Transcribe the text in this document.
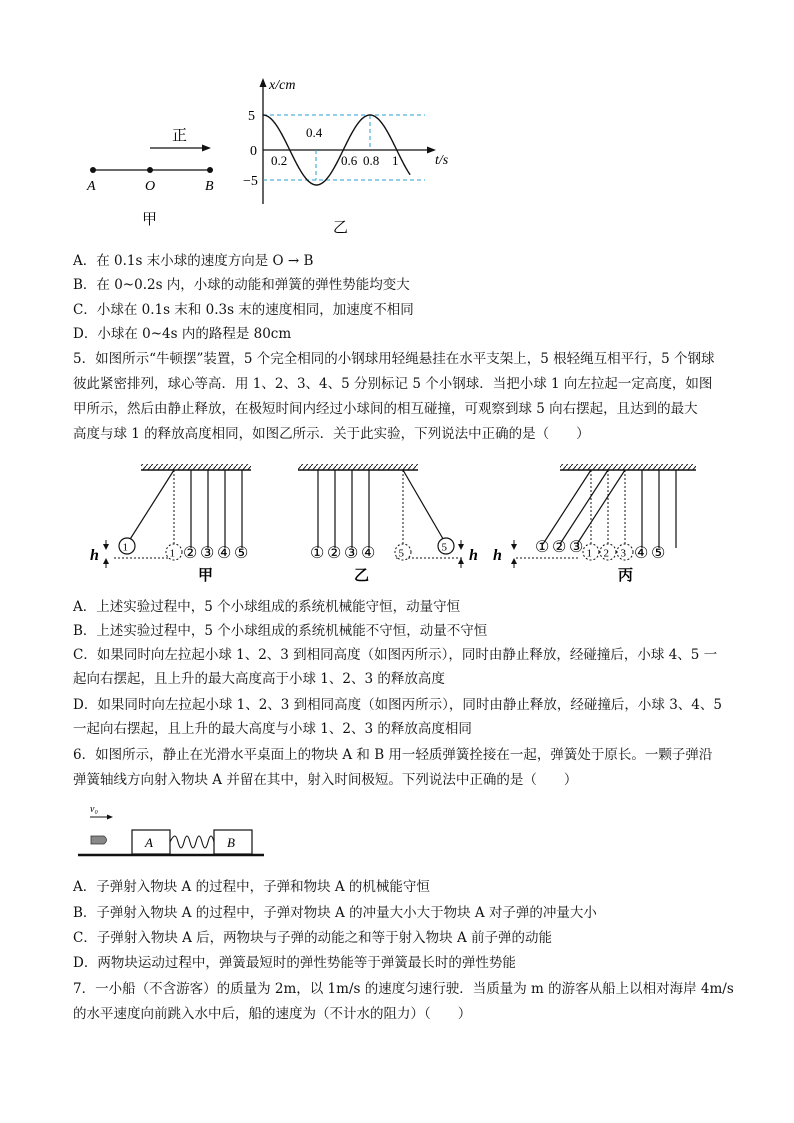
正
A	O	B
甲
x/cm
5
−5
0
0.2
0.4
0.6 0.8 1	t/s
乙
A．在 0.1s 末小球的速度方向是 O → B
B．在 0~0.2s 内，小球的动能和弹簧的弹性势能均变大
C．小球在 0.1s 末和 0.3s 末的速度相同，加速度不相同
D．小球在 0~4s 内的路程是 80cm
5．如图所示“牛顿摆”装置，5 个完全相同的小钢球用轻绳悬挂在水平支架上，5 根轻绳互相平行，5 个钢球
彼此紧密排列，球心等高．用 1、2、3、4、5 分别标记 5 个小钢球．当把小球 1 向左拉起一定高度，如图
甲所示，然后由静止释放，在极短时间内经过小球间的相互碰撞，可观察到球 5 向右摆起，且达到的最大
高度与球 1 的释放高度相同，如图乙所示．关于此实验，下列说法中正确的是（　　）
1	1 ② ③ ④ ⑤
h
甲
① ② ③ ④ 5	5 h
乙
① ② ③ 1 2 3 ④ ⑤
h
丙
A．上述实验过程中，5 个小球组成的系统机械能守恒，动量守恒
B．上述实验过程中，5 个小球组成的系统机械能不守恒，动量不守恒
C．如果同时向左拉起小球 1、2、3 到相同高度（如图丙所示），同时由静止释放，经碰撞后，小球 4、5 一
起向右摆起，且上升的最大高度高于小球 1、2、3 的释放高度
D．如果同时向左拉起小球 1、2、3 到相同高度（如图丙所示），同时由静止释放，经碰撞后，小球 3、4、5
一起向右摆起，且上升的最大高度与小球 1、2、3 的释放高度相同
6．如图所示，静止在光滑水平桌面上的物块 A 和 B 用一轻质弹簧拴接在一起，弹簧处于原长。一颗子弹沿
弹簧轴线方向射入物块 A 并留在其中，射入时间极短。下列说法中正确的是（　　）
v₀
A	B
A．子弹射入物块 A 的过程中，子弹和物块 A 的机械能守恒
B．子弹射入物块 A 的过程中，子弹对物块 A 的冲量大小大于物块 A 对子弹的冲量大小
C．子弹射入物块 A 后，两物块与子弹的动能之和等于射入物块 A 前子弹的动能
D．两物块运动过程中，弹簧最短时的弹性势能等于弹簧最长时的弹性势能
7．一小船（不含游客）的质量为 2m，以 1m/s 的速度匀速行驶．当质量为 m 的游客从船上以相对海岸 4m/s
的水平速度向前跳入水中后，船的速度为（不计水的阻力）（　　）
